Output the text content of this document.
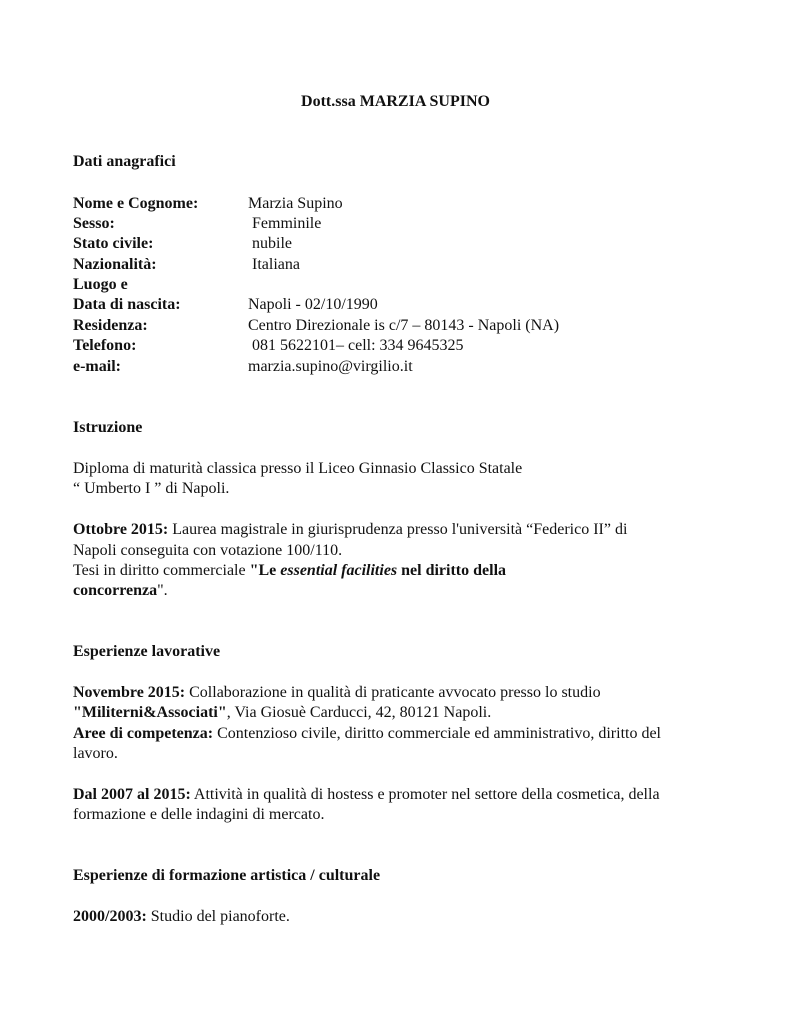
Dott.ssa MARZIA SUPINO
Dati anagrafici
Nome e Cognome:	Marzia Supino
Sesso:	Femminile
Stato civile:	nubile
Nazionalità:	Italiana
Luogo e
Data di nascita:	Napoli - 02/10/1990
Residenza:	Centro Direzionale is c/7 – 80143 - Napoli (NA)
Telefono:	081 5622101– cell: 334 9645325
e-mail:	marzia.supino@virgilio.it
Istruzione
Diploma di maturità classica presso il Liceo Ginnasio Classico Statale
“ Umberto I ” di Napoli.
Ottobre 2015: Laurea magistrale in giurisprudenza presso l'università “Federico II” di
Napoli conseguita con votazione 100/110.
Tesi in diritto commerciale "Le essential facilities nel diritto della
concorrenza".
Esperienze lavorative
Novembre 2015: Collaborazione in qualità di praticante avvocato presso lo studio
"Militerni&Associati", Via Giosuè Carducci, 42, 80121 Napoli.
Aree di competenza: Contenzioso civile, diritto commerciale ed amministrativo, diritto del
lavoro.
Dal 2007 al 2015: Attività in qualità di hostess e promoter nel settore della cosmetica, della
formazione e delle indagini di mercato.
Esperienze di formazione artistica / culturale
2000/2003: Studio del pianoforte.
